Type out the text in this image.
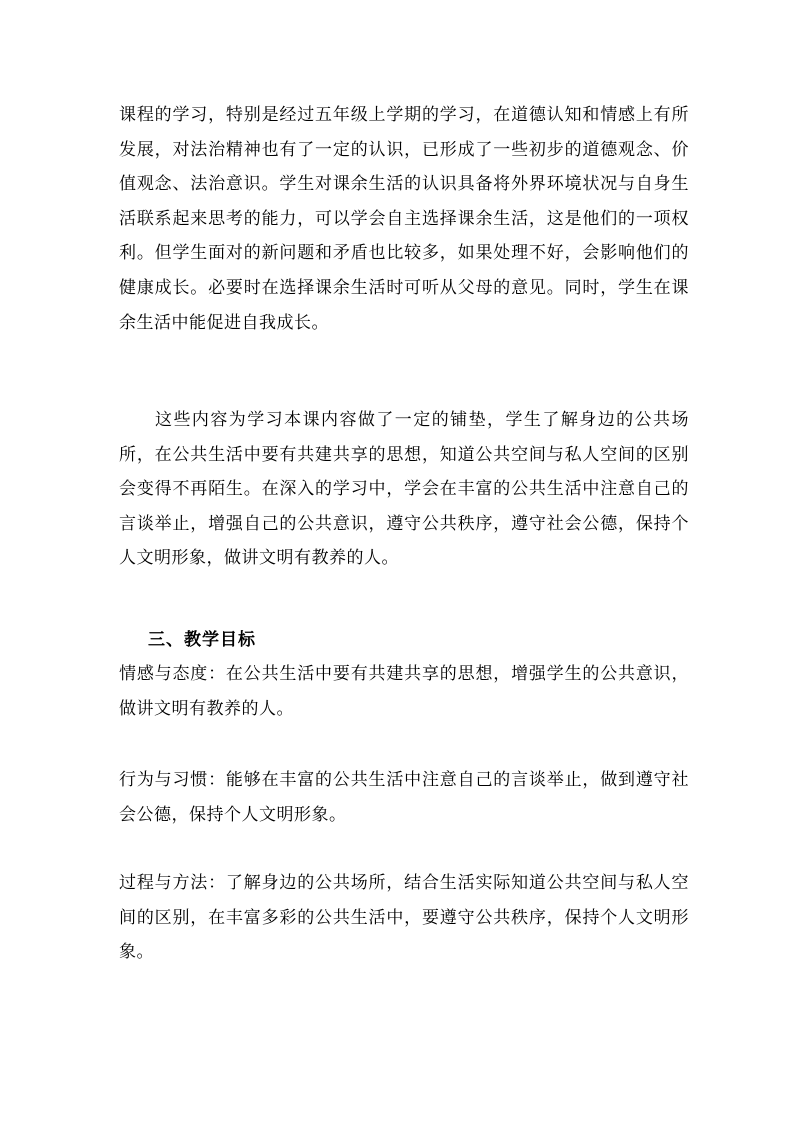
课程的学习，特别是经过五年级上学期的学习，在道德认知和情感上有所发展，对法治精神也有了一定的认识，已形成了一些初步的道德观念、价值观念、法治意识。学生对课余生活的认识具备将外界环境状况与自身生活联系起来思考的能力，可以学会自主选择课余生活，这是他们的一项权利。但学生面对的新问题和矛盾也比较多，如果处理不好，会影响他们的健康成长。必要时在选择课余生活时可听从父母的意见。同时，学生在课余生活中能促进自我成长。

这些内容为学习本课内容做了一定的铺垫，学生了解身边的公共场所，在公共生活中要有共建共享的思想，知道公共空间与私人空间的区别会变得不再陌生。在深入的学习中，学会在丰富的公共生活中注意自己的言谈举止，增强自己的公共意识，遵守公共秩序，遵守社会公德，保持个人文明形象，做讲文明有教养的人。

三、教学目标

情感与态度：在公共生活中要有共建共享的思想，增强学生的公共意识，做讲文明有教养的人。

行为与习惯：能够在丰富的公共生活中注意自己的言谈举止，做到遵守社会公德，保持个人文明形象。

过程与方法：了解身边的公共场所，结合生活实际知道公共空间与私人空间的区别，在丰富多彩的公共生活中，要遵守公共秩序，保持个人文明形象。
